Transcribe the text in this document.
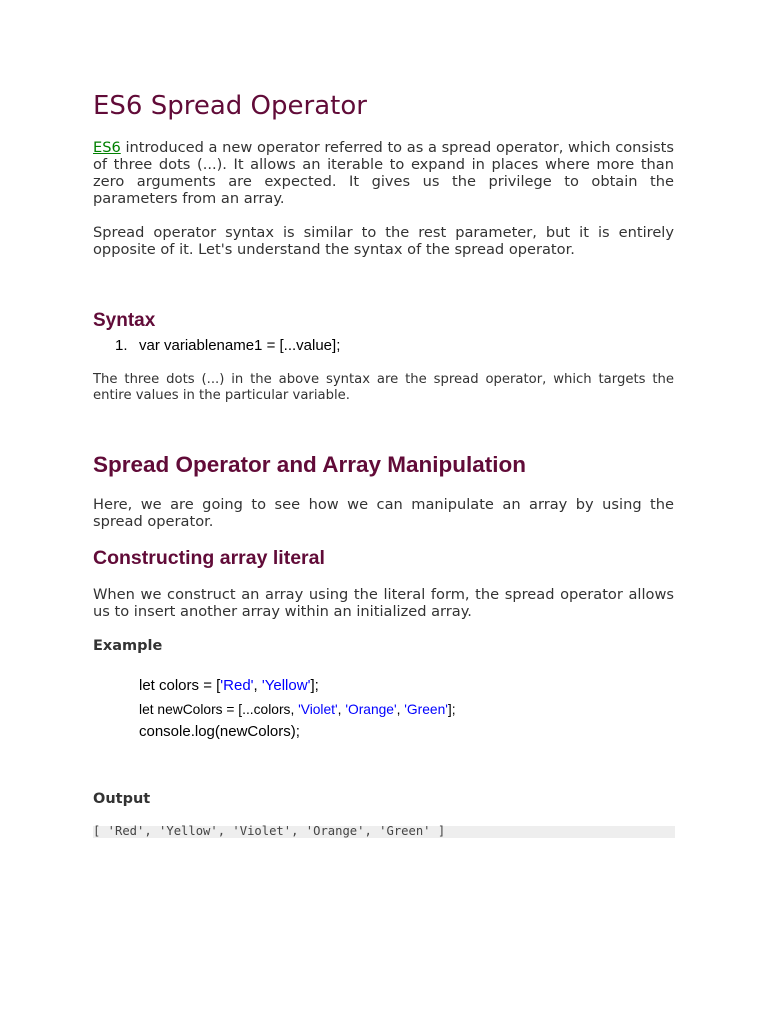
ES6 Spread Operator

ES6 introduced a new operator referred to as a spread operator, which consists of three dots (...). It allows an iterable to expand in places where more than zero arguments are expected. It gives us the privilege to obtain the parameters from an array.

Spread operator syntax is similar to the rest parameter, but it is entirely opposite of it. Let's understand the syntax of the spread operator.

Syntax
1. var variablename1 = [...value];

The three dots (...) in the above syntax are the spread operator, which targets the entire values in the particular variable.

Spread Operator and Array Manipulation

Here, we are going to see how we can manipulate an array by using the spread operator.

Constructing array literal

When we construct an array using the literal form, the spread operator allows us to insert another array within an initialized array.

Example
let colors = ['Red', 'Yellow'];
let newColors = [...colors, 'Violet', 'Orange', 'Green'];
console.log(newColors);
Output
[ 'Red', 'Yellow', 'Violet', 'Orange', 'Green' ]
